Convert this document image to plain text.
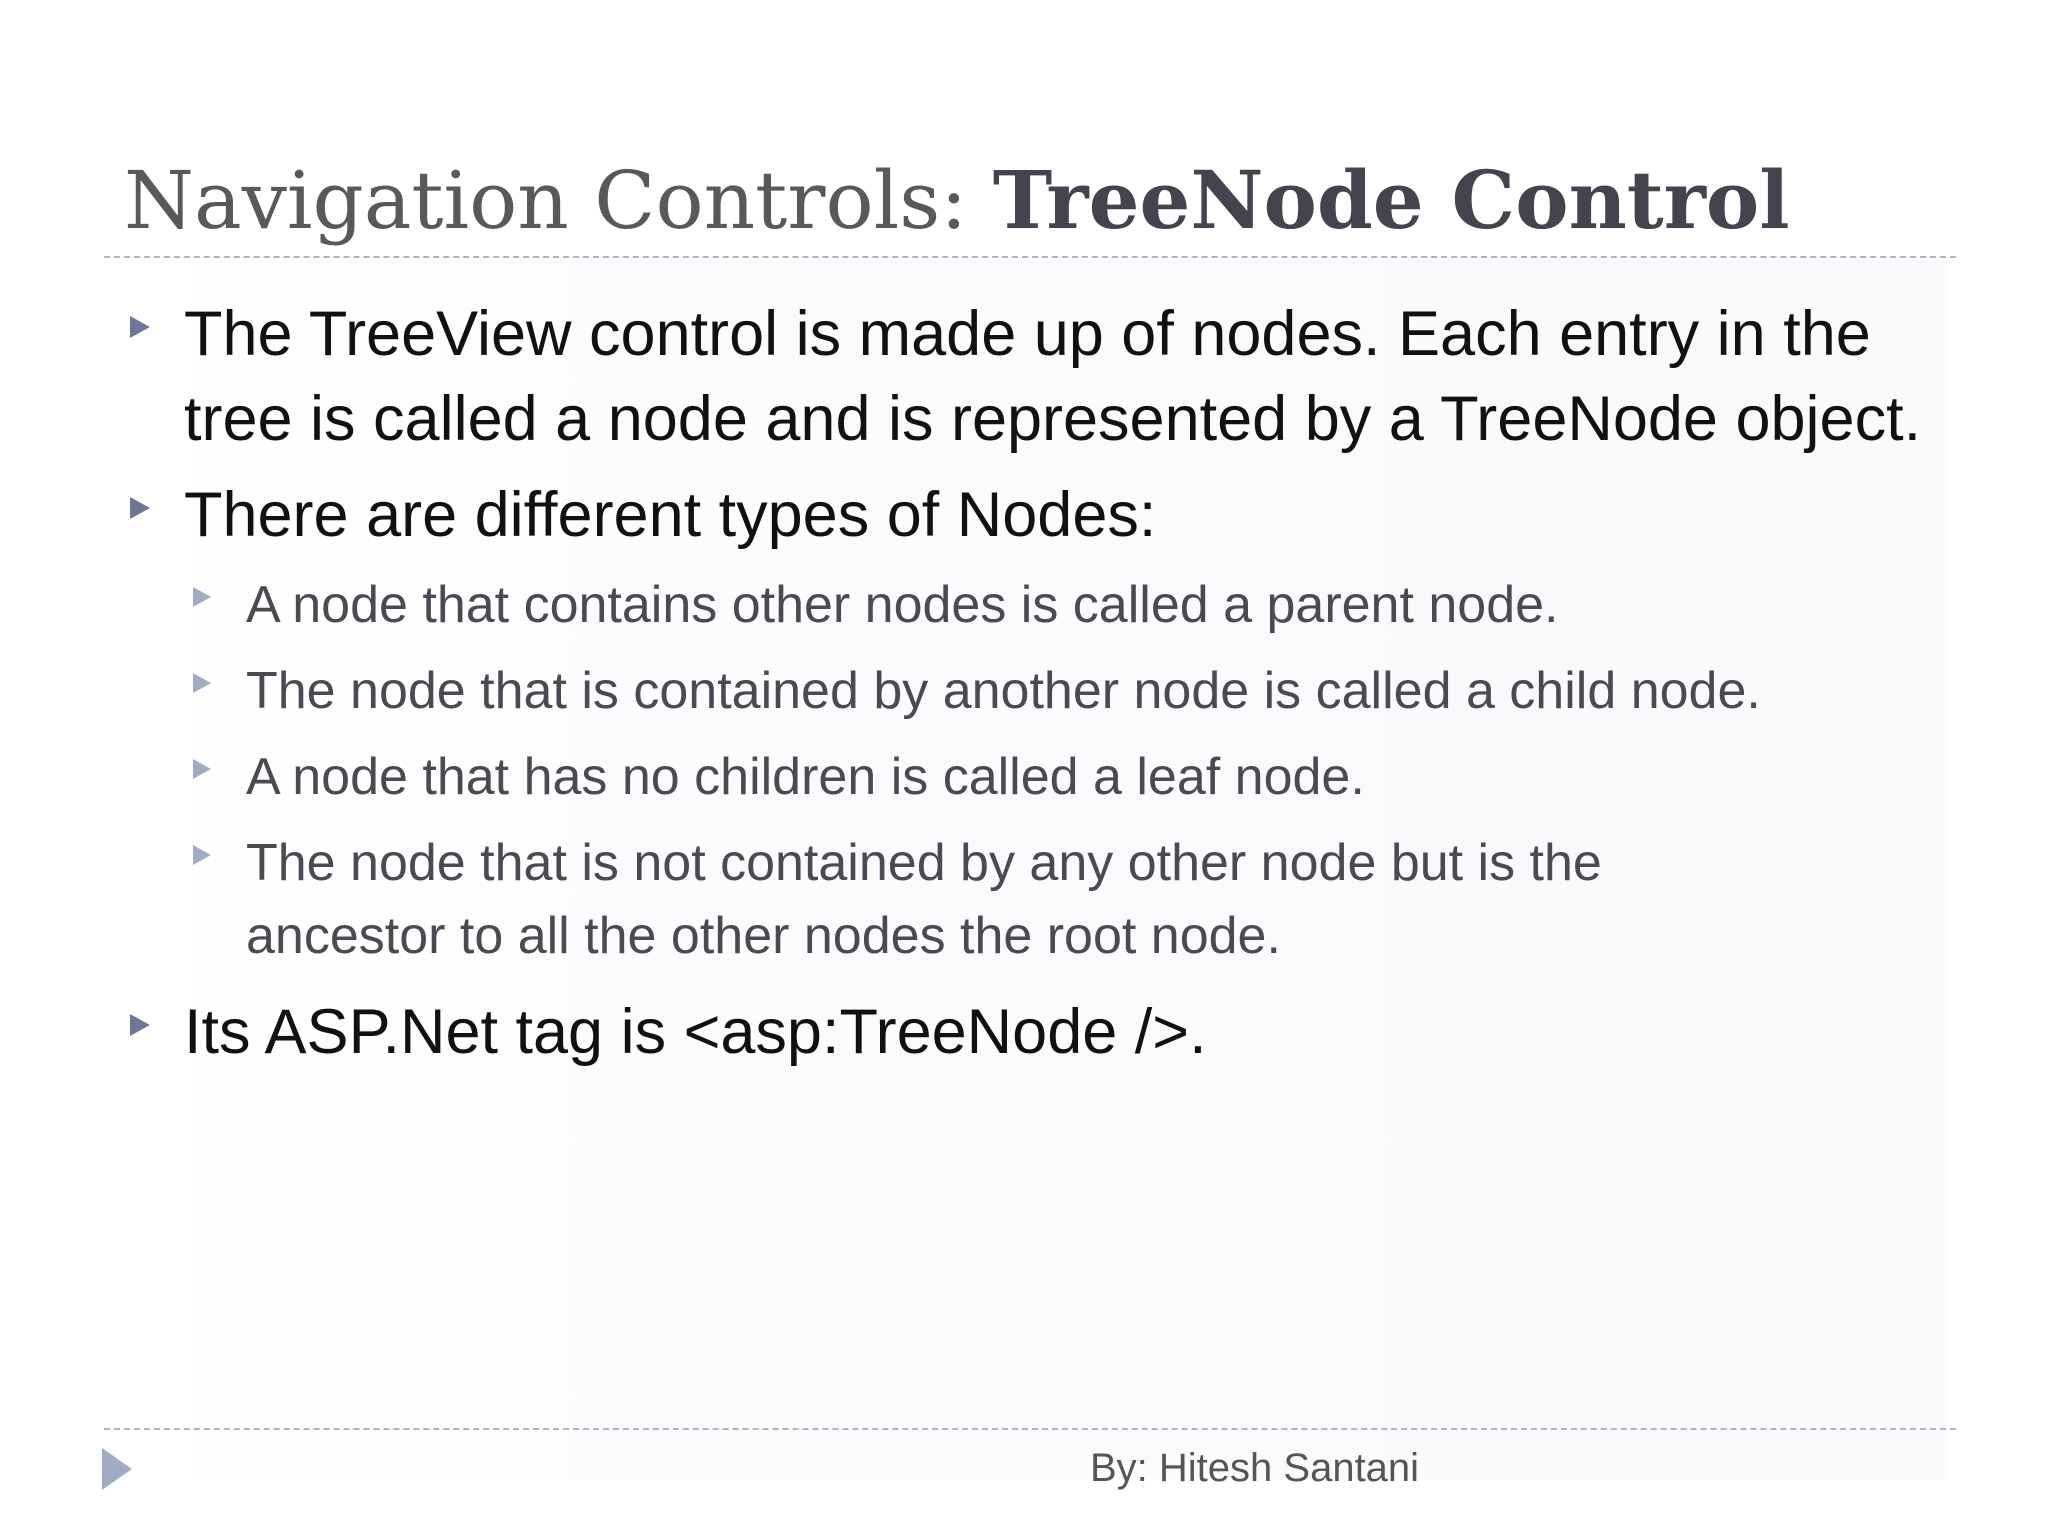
Navigation Controls: TreeNode Control
The TreeView control is made up of nodes. Each entry in the
tree is called a node and is represented by a TreeNode object.
There are different types of Nodes:
A node that contains other nodes is called a parent node.
The node that is contained by another node is called a child node.
A node that has no children is called a leaf node.
The node that is not contained by any other node but is the
ancestor to all the other nodes the root node.
Its ASP.Net tag is <asp:TreeNode />.
By: Hitesh Santani
